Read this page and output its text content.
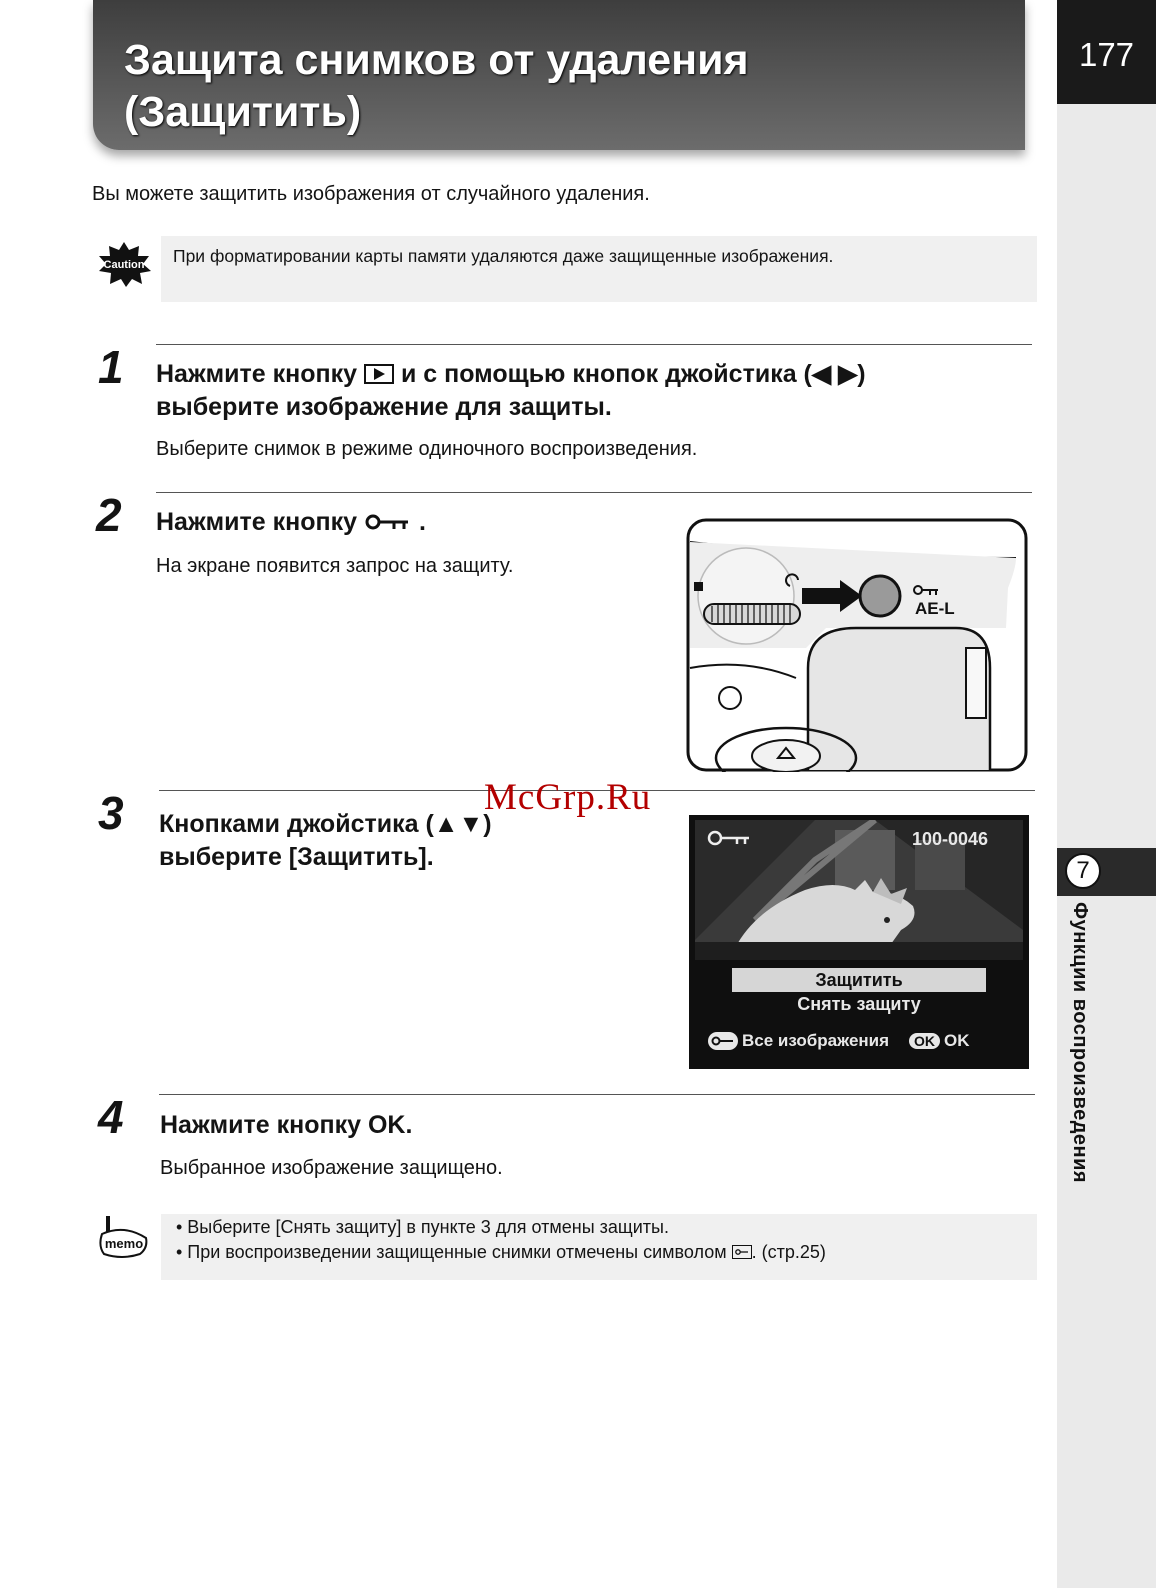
Защита снимков от удаления
(Защитить)
177
7
Функции воспроизведения
Вы можете защитить изображения от случайного удаления.
Caution При форматировании карты памяти удаляются даже защищенные изображения.
1 Нажмите кнопку и с помощью кнопок джойстика (◀ ▶)
выберите изображение для защиты.
Выберите снимок в режиме одиночного воспроизведения.
2 Нажмите кнопку .
На экране появится запрос на защиту.
AE-L
3 Кнопками джойстика (▲▼)
выберите [Защитить].
100-0046
Защитить
Снять защиту
Все изображения	OK OK
McGrp.Ru
4 Нажмите кнопку OK.
Выбранное изображение защищено.
memo
• Выберите [Снять защиту] в пункте 3 для отмены защиты.
• При воспроизведении защищенные снимки отмечены символом . (стр.25)
